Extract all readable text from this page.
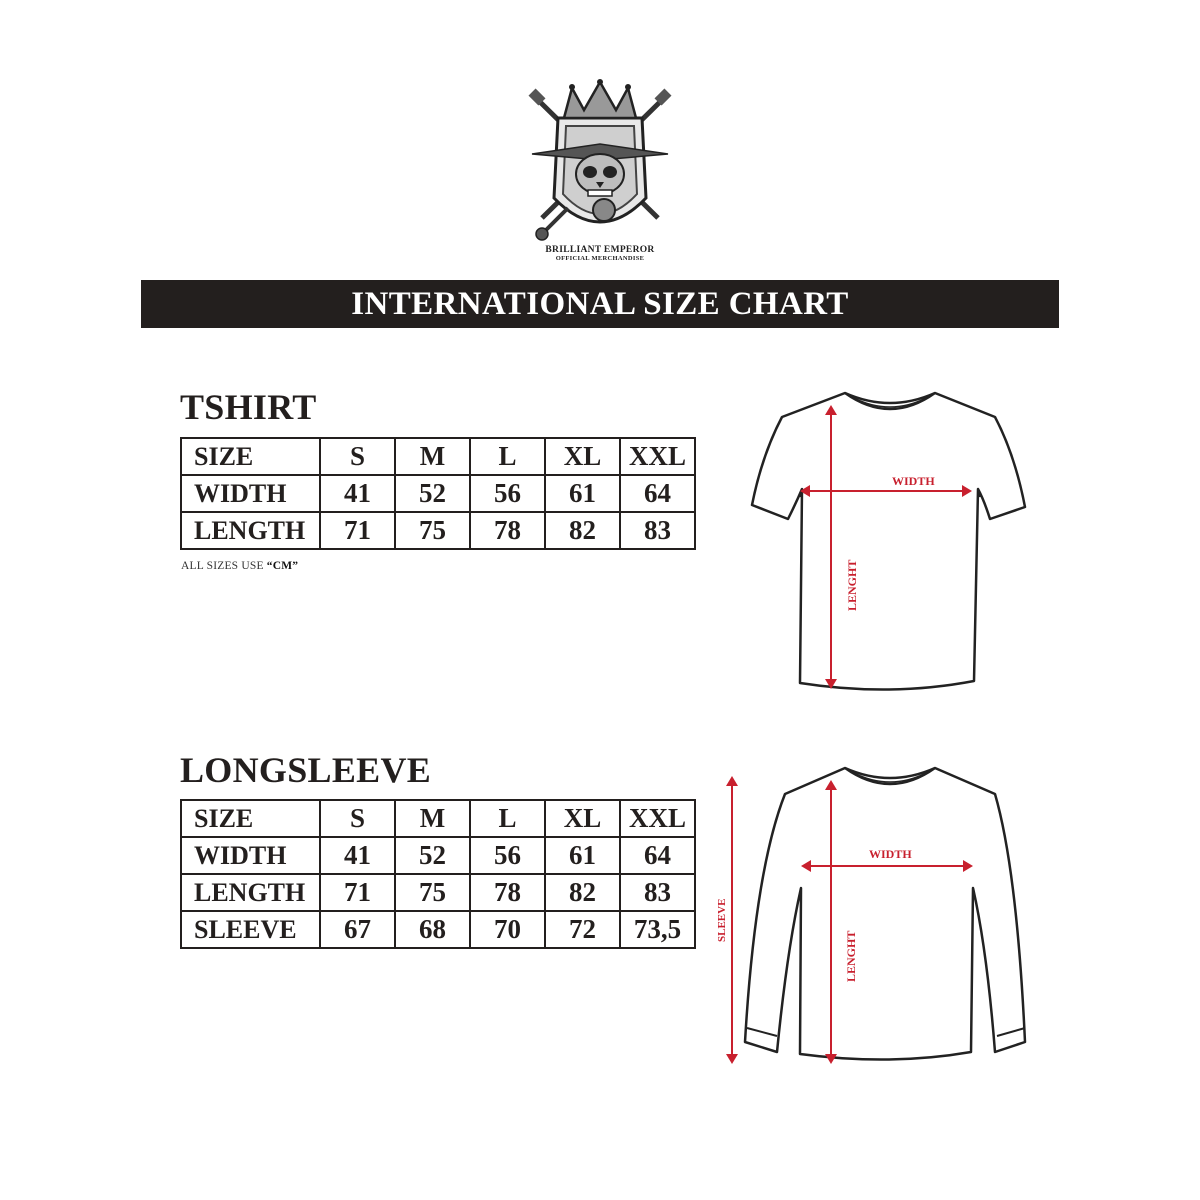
BRILLIANT EMPEROR
OFFICIAL MERCHANDISE
INTERNATIONAL SIZE CHART
TSHIRT
SIZE	S	M	L	XL	XXL
WIDTH	41	52	56	61	64
LENGTH	71	75	78	82	83
ALL SIZES USE “CM”
WIDTH
LENGHT
LONGSLEEVE
SIZE	S	M	L	XL	XXL
WIDTH	41	52	56	61	64
LENGTH	71	75	78	82	83
SLEEVE	67	68	70	72	73,5
WIDTH
LENGHT
SLEEVE
